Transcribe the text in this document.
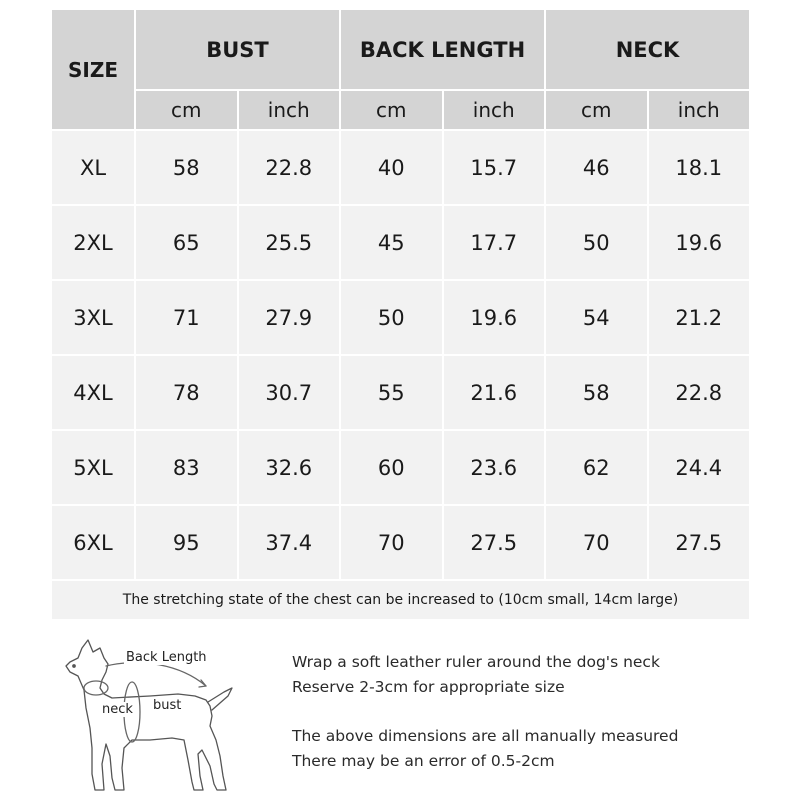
SIZE	BUST		BACK LENGTH		NECK	
	cm	inch	cm	inch	cm	inch
XL	58	22.8	40	15.7	46	18.1
2XL	65	25.5	45	17.7	50	19.6
3XL	71	27.9	50	19.6	54	21.2
4XL	78	30.7	55	21.6	58	22.8
5XL	83	32.6	60	23.6	62	24.4
6XL	95	37.4	70	27.5	70	27.5
The stretching state of the chest can be increased to (10cm small, 14cm large)						
Back Length
neck bust
Wrap a soft leather ruler around the dog's neck
Reserve 2-3cm for appropriate size
The above dimensions are all manually measured
There may be an error of 0.5-2cm
